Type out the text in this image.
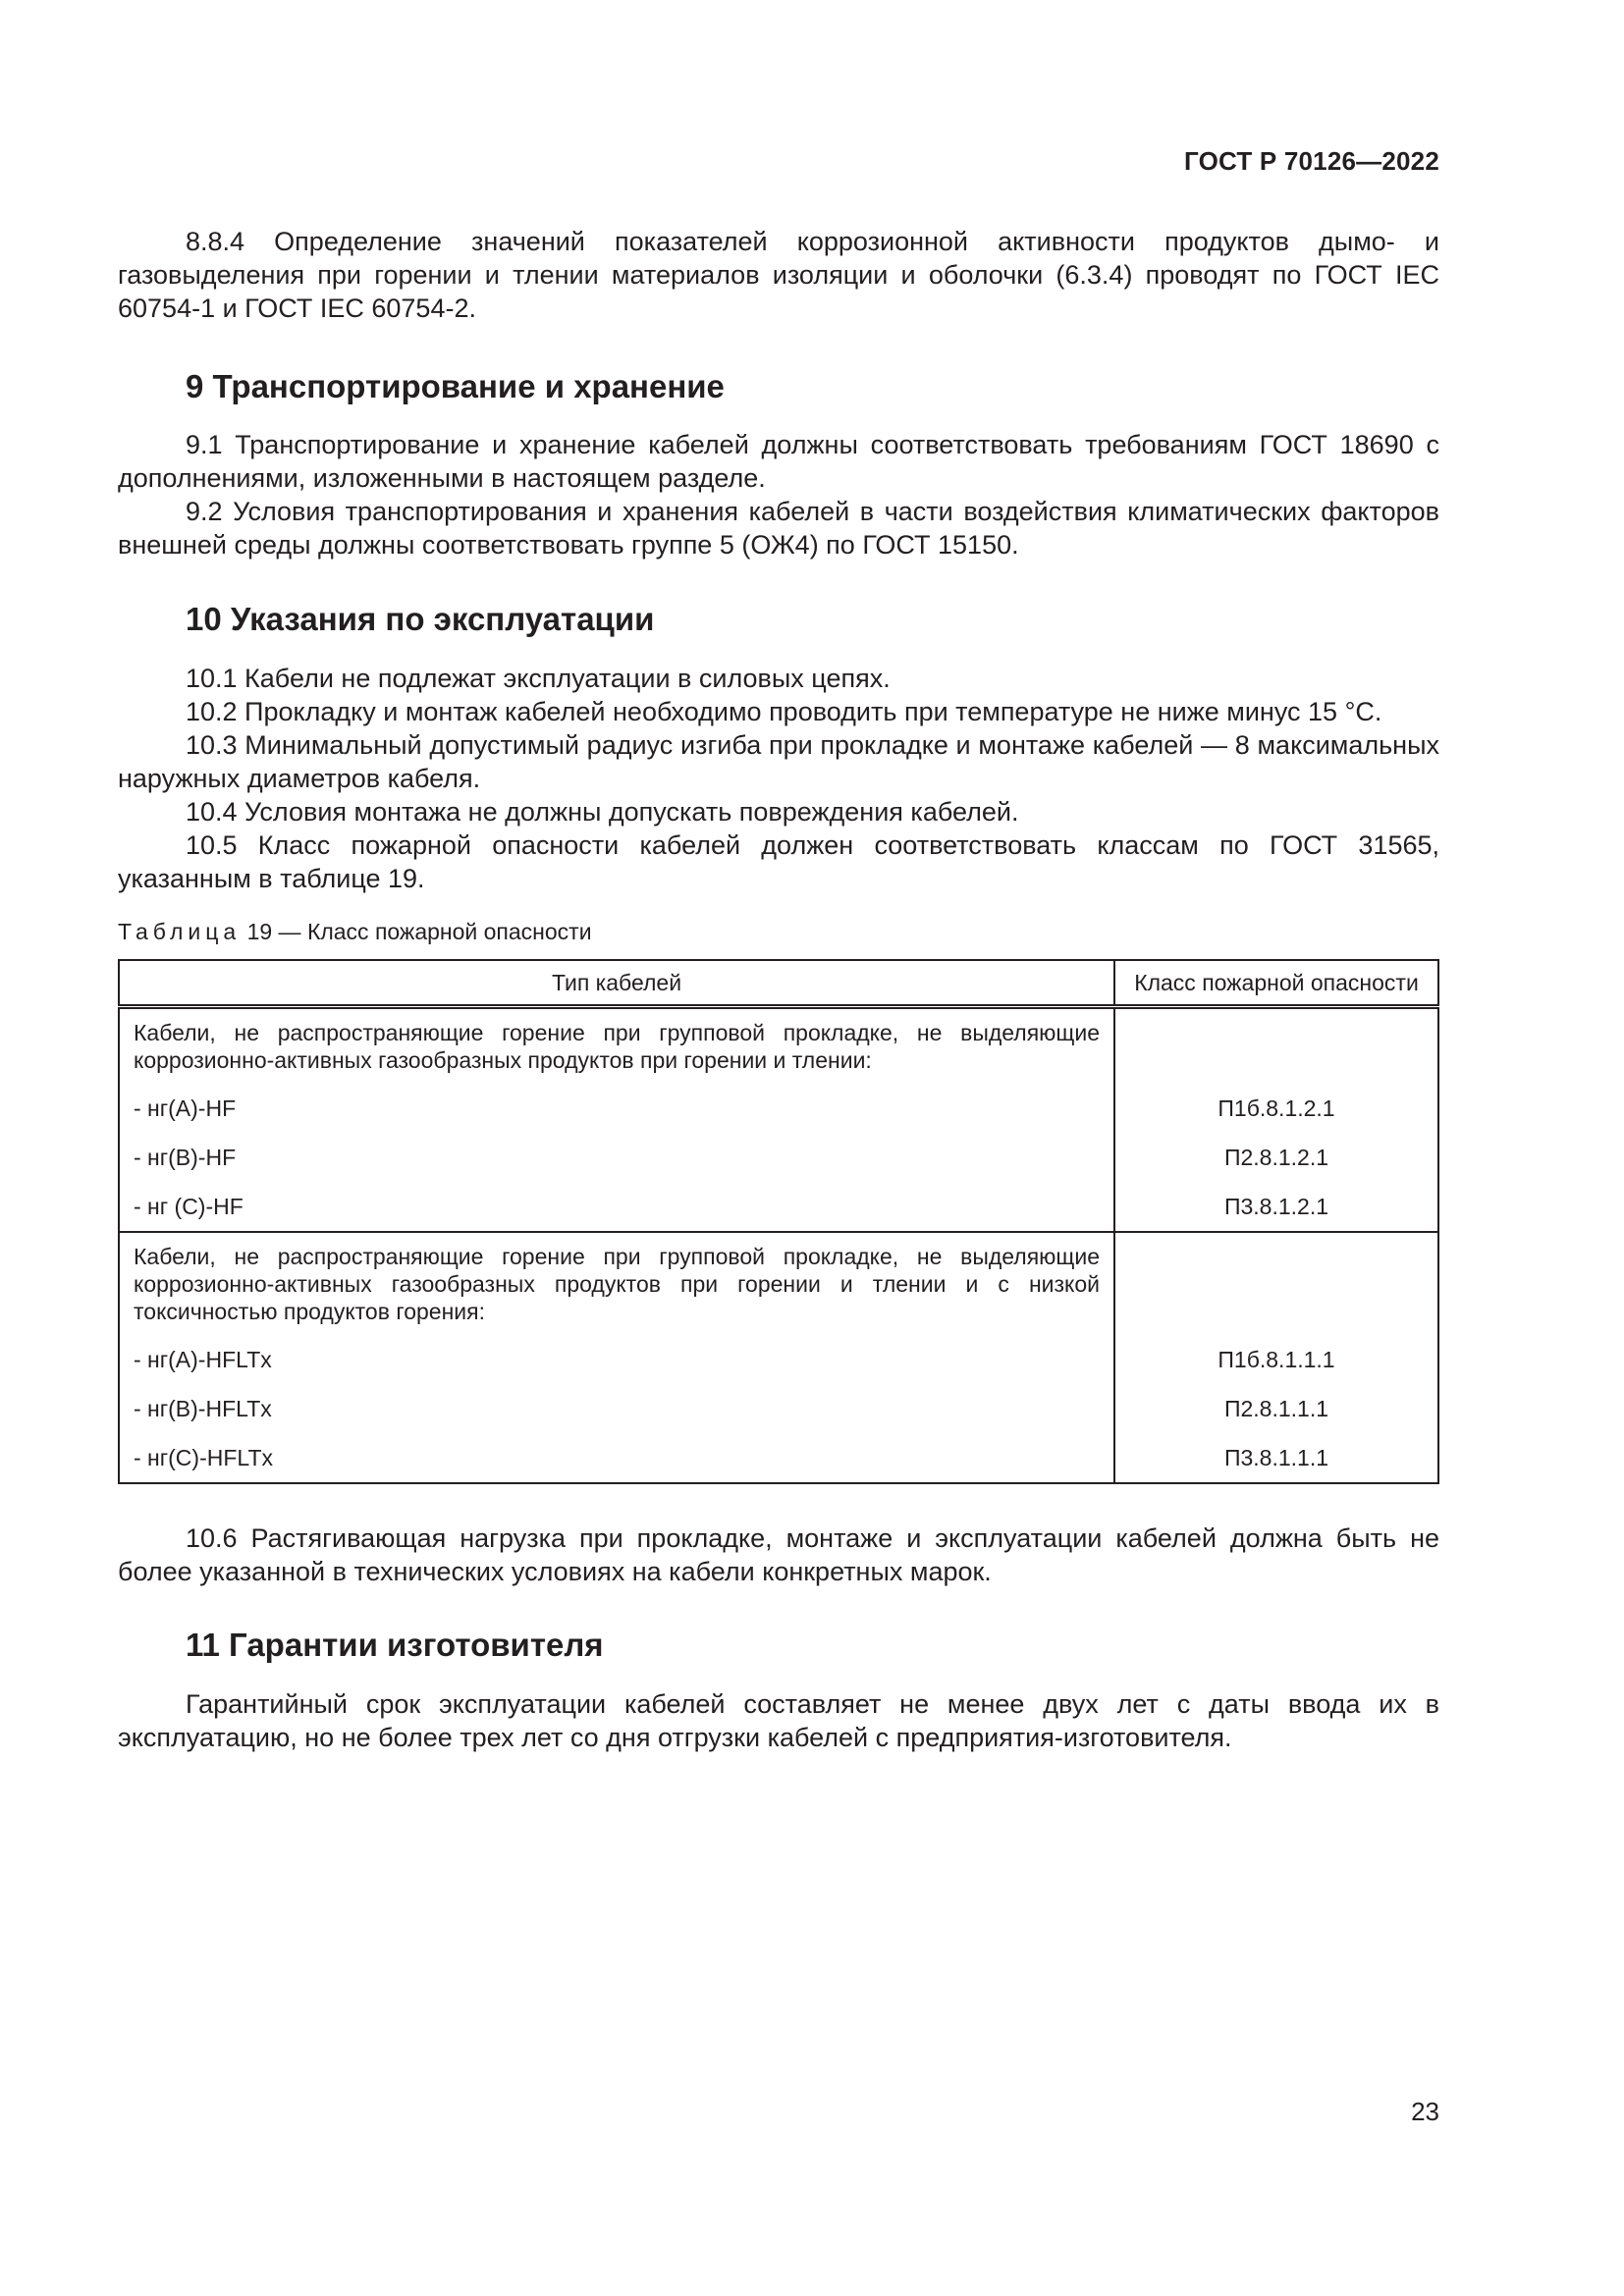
ГОСТ Р 70126—2022

8.8.4 Определение значений показателей коррозионной активности продуктов дымо- и газовыделения при горении и тлении материалов изоляции и оболочки (6.3.4) проводят по ГОСТ IEC 60754-1 и ГОСТ IEC 60754-2.

9 Транспортирование и хранение

9.1 Транспортирование и хранение кабелей должны соответствовать требованиям ГОСТ 18690 с дополнениями, изложенными в настоящем разделе.

9.2 Условия транспортирования и хранения кабелей в части воздействия климатических факторов внешней среды должны соответствовать группе 5 (ОЖ4) по ГОСТ 15150.

10 Указания по эксплуатации

10.1 Кабели не подлежат эксплуатации в силовых цепях.

10.2 Прокладку и монтаж кабелей необходимо проводить при температуре не ниже минус 15 °С.

10.3 Минимальный допустимый радиус изгиба при прокладке и монтаже кабелей — 8 максимальных наружных диаметров кабеля.

10.4 Условия монтажа не должны допускать повреждения кабелей.

10.5 Класс пожарной опасности кабелей должен соответствовать классам по ГОСТ 31565, указанным в таблице 19.

Таблица 19 — Класс пожарной опасности
Тип кабелей	Класс пожарной опасности
Кабели, не распространяющие горение при групповой прокладке, не выделяющие коррозионно-активных газообразных продуктов при горении и тлении:	
- нг(А)-HF	П1б.8.1.2.1
- нг(В)-HF	П2.8.1.2.1
- нг (С)-HF	П3.8.1.2.1
Кабели, не распространяющие горение при групповой прокладке, не выделяющие коррозионно-активных газообразных продуктов при горении и тлении и с низкой токсичностью продуктов горения:	
- нг(А)-HFLTx	П1б.8.1.1.1
- нг(В)-HFLTx	П2.8.1.1.1
- нг(С)-HFLTx	П3.8.1.1.1

10.6 Растягивающая нагрузка при прокладке, монтаже и эксплуатации кабелей должна быть не более указанной в технических условиях на кабели конкретных марок.

11 Гарантии изготовителя

Гарантийный срок эксплуатации кабелей составляет не менее двух лет с даты ввода их в эксплуатацию, но не более трех лет со дня отгрузки кабелей с предприятия-изготовителя.

23
